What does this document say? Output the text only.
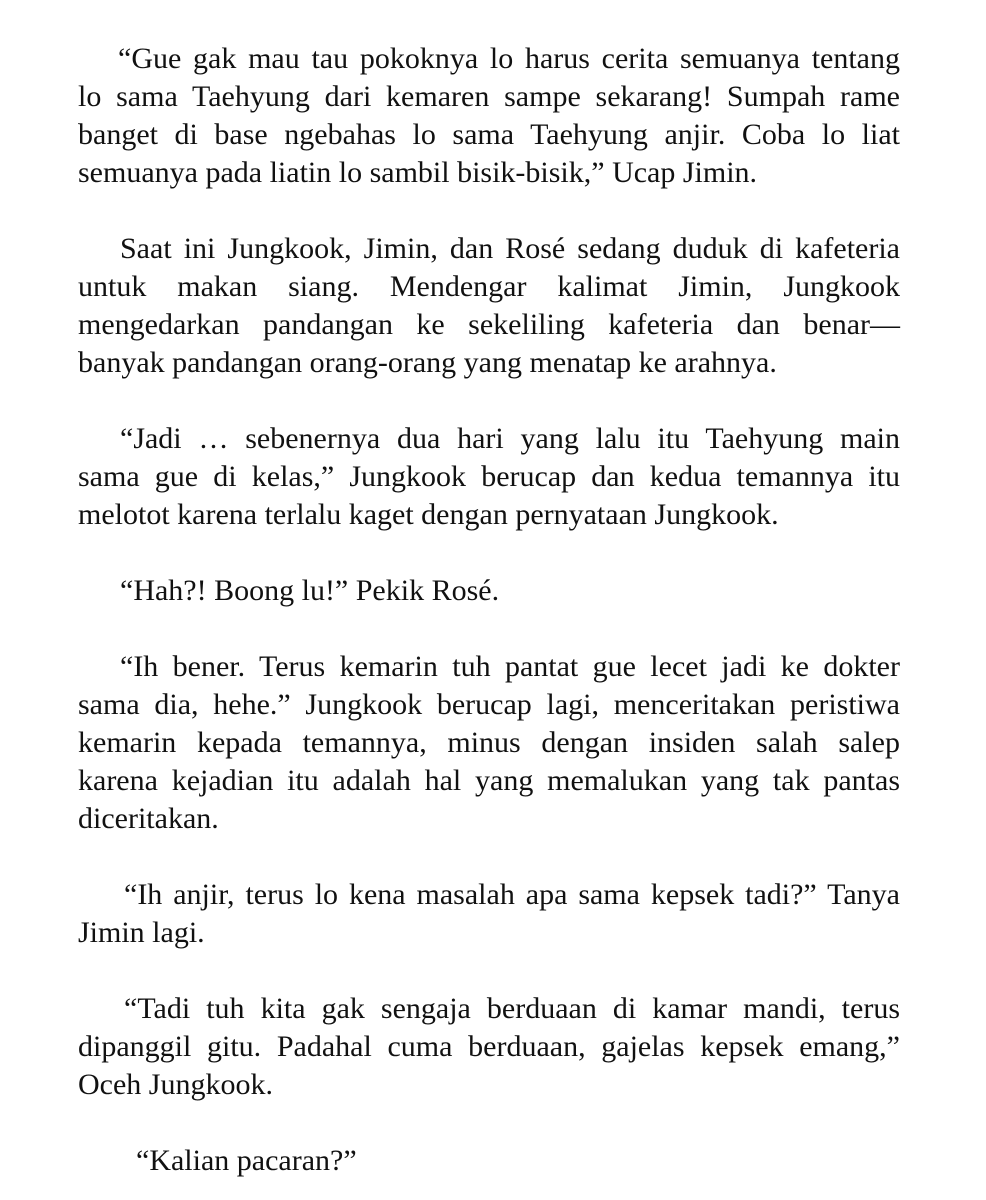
“Gue gak mau tau pokoknya lo harus cerita semuanya tentang
lo sama Taehyung dari kemaren sampe sekarang! Sumpah rame
banget di base ngebahas lo sama Taehyung anjir. Coba lo liat
semuanya pada liatin lo sambil bisik-bisik,” Ucap Jimin.

Saat ini Jungkook, Jimin, dan Rosé sedang duduk di kafeteria
untuk makan siang. Mendengar kalimat Jimin, Jungkook
mengedarkan pandangan ke sekeliling kafeteria dan benar—
banyak pandangan orang-orang yang menatap ke arahnya.

“Jadi … sebenernya dua hari yang lalu itu Taehyung main
sama gue di kelas,” Jungkook berucap dan kedua temannya itu
melotot karena terlalu kaget dengan pernyataan Jungkook.

“Hah?! Boong lu!” Pekik Rosé.

“Ih bener. Terus kemarin tuh pantat gue lecet jadi ke dokter
sama dia, hehe.” Jungkook berucap lagi, menceritakan peristiwa
kemarin kepada temannya, minus dengan insiden salah salep
karena kejadian itu adalah hal yang memalukan yang tak pantas
diceritakan.

“Ih anjir, terus lo kena masalah apa sama kepsek tadi?” Tanya
Jimin lagi.

“Tadi tuh kita gak sengaja berduaan di kamar mandi, terus
dipanggil gitu. Padahal cuma berduaan, gajelas kepsek emang,”
Oceh Jungkook.

“Kalian pacaran?”
